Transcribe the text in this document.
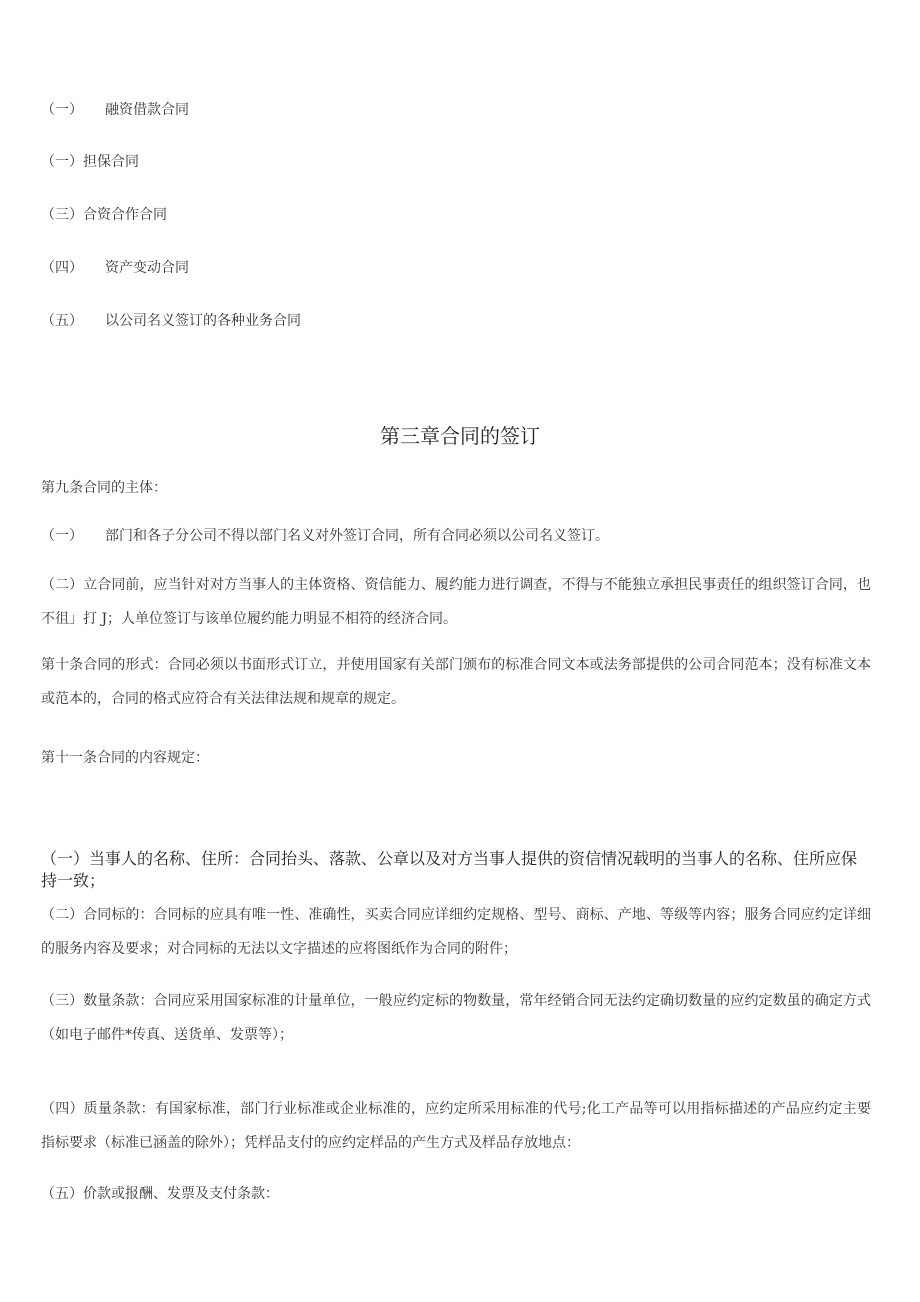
（一） 融资借款合同
（一）担保合同
（三）合资合作合同
（四） 资产变动合同
（五） 以公司名义签订的各种业务合同
第三章合同的签订
第九条合同的主体：
（一） 部门和各子分公司不得以部门名义对外签订合同，所有合同必须以公司名义签订。
（二）立合同前，应当针对对方当事人的主体资格、资信能力、履约能力进行调查，不得与不能独立承担民事责任的组织签订合同，也不徂」打 J；人单位签订与该单位履约能力明显不相符的经济合同。
第十条合同的形式：合同必须以书面形式订立，并使用国家有关部门颁布的标准合同文本或法务部提供的公司合同范本；没有标准文本或范本的，合同的格式应符合有关法律法规和规章的规定。
第十一条合同的内容规定：
（一）当事人的名称、住所：合同抬头、落款、公章以及对方当事人提供的资信情况载明的当事人的名称、住所应保持一致；
（二）合同标的：合同标的应具有唯一性、准确性，买卖合同应详细约定规格、型号、商标、产地、等级等内容；服务合同应约定详细的服务内容及要求；对合同标的无法以文字描述的应将图纸作为合同的附件；
（三）数量条款：合同应采用国家标准的计量单位，一般应约定标的物数量，常年经销合同无法约定确切数量的应约定数虽的确定方式（如电子邮件*传真、送货单、发票等）；
（四）质量条款：有国家标准，部门行业标准或企业标准的，应约定所采用标准的代号;化工产品等可以用指标描述的产品应约定主要指标要求（标准已涵盖的除外）；凭样品支付的应约定样品的产生方式及样品存放地点：
（五）价款或报酬、发票及支付条款：
